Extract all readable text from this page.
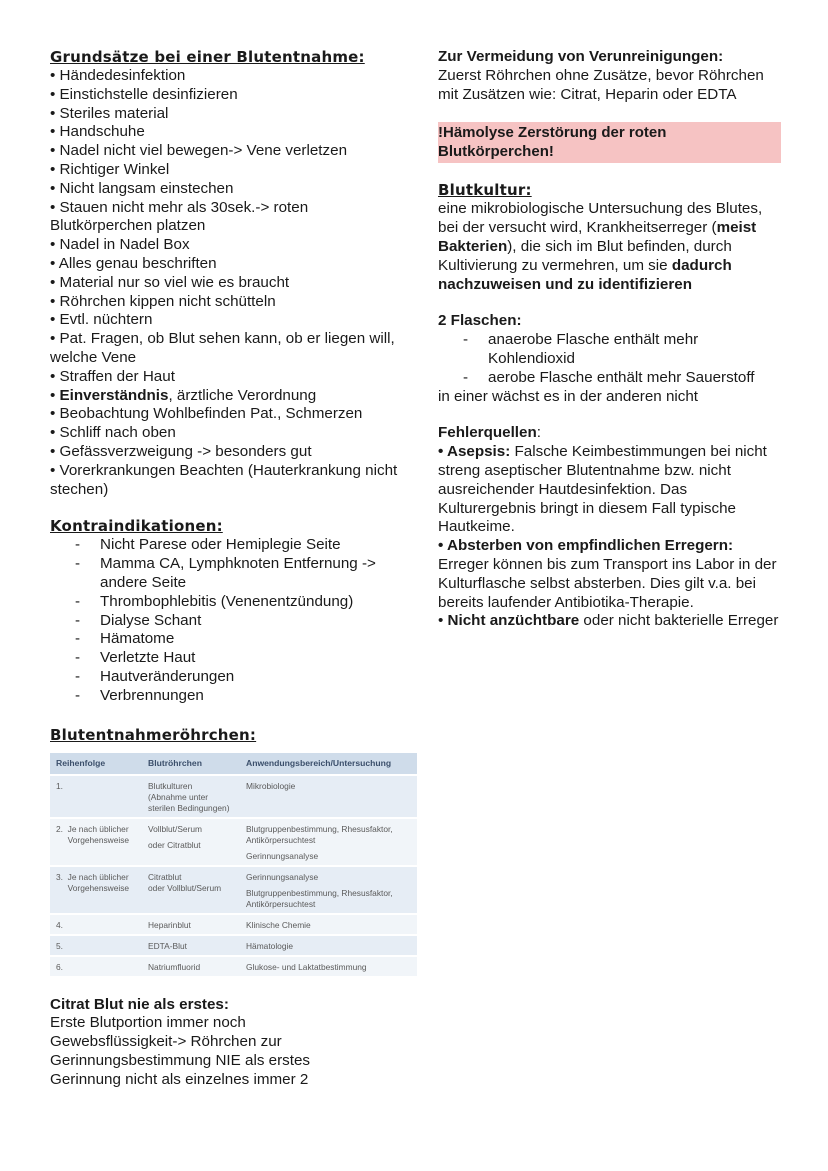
Grundsätze bei einer Blutentnahme:
• Händedesinfektion
• Einstichstelle desinfizieren
• Steriles material
• Handschuhe
• Nadel nicht viel bewegen-> Vene verletzen
• Richtiger Winkel
• Nicht langsam einstechen
• Stauen nicht mehr als 30sek.-> roten Blutkörperchen platzen
• Nadel in Nadel Box
• Alles genau beschriften
• Material nur so viel wie es braucht
• Röhrchen kippen nicht schütteln
• Evtl. nüchtern
• Pat. Fragen, ob Blut sehen kann, ob er liegen will, welche Vene
• Straffen der Haut
• Einverständnis, ärztliche Verordnung
• Beobachtung Wohlbefinden Pat., Schmerzen
• Schliff nach oben
• Gefässverzweigung -> besonders gut
• Vorerkrankungen Beachten (Hauterkrankung nicht stechen)
Kontraindikationen:
- Nicht Parese oder Hemiplegie Seite
- Mamma CA, Lymphknoten Entfernung -> andere Seite
- Thrombophlebitis (Venenentzündung)
- Dialyse Schant
- Hämatome
- Verletzte Haut
- Hautveränderungen
- Verbrennungen
Blutentnahmeröhrchen:
Reihenfolge	Blutröhrchen	Anwendungsbereich/Untersuchung

1.	Blutkulturen
(Abnahme unter
sterilen Bedingungen)	Mikrobiologie

2.  Je nach üblicher
Vorgehensweise	Vollblut/Serum
oder Citratblut	Blutgruppenbestimmung, Rhesusfaktor,
Antikörpersuchtest
Gerinnungsanalyse

3.  Je nach üblicher
Vorgehensweise	Citratblut
oder Vollblut/Serum	Gerinnungsanalyse
Blutgruppenbestimmung, Rhesusfaktor,
Antikörpersuchtest

4.	Heparinblut	Klinische Chemie

5.	EDTA-Blut	Hämatologie

6.	Natriumfluorid	Glukose- und Laktatbestimmung
Citrat Blut nie als erstes:
Erste Blutportion immer noch
Gewebsflüssigkeit-> Röhrchen zur
Gerinnungsbestimmung NIE als erstes
Gerinnung nicht als einzelnes immer 2
Zur Vermeidung von Verunreinigungen:
Zuerst Röhrchen ohne Zusätze, bevor Röhrchen mit Zusätzen wie: Citrat, Heparin oder EDTA
!Hämolyse Zerstörung der roten Blutkörperchen!
Blutkultur:
eine mikrobiologische Untersuchung des Blutes, bei der versucht wird, Krankheitserreger (meist Bakterien), die sich im Blut befinden, durch Kultivierung zu vermehren, um sie dadurch nachzuweisen und zu identifizieren
2 Flaschen:
- anaerobe Flasche enthält mehr Kohlendioxid
- aerobe Flasche enthält mehr Sauerstoff
in einer wächst es in der anderen nicht
Fehlerquellen:
• Asepsis: Falsche Keimbestimmungen bei nicht streng aseptischer Blutentnahme bzw. nicht ausreichender Hautdesinfektion. Das Kulturergebnis bringt in diesem Fall typische Hautkeime.
• Absterben von empfindlichen Erregern:
Erreger können bis zum Transport ins Labor in der Kulturflasche selbst absterben. Dies gilt v.a. bei bereits laufender Antibiotika-Therapie.
• Nicht anzüchtbare oder nicht bakterielle Erreger
